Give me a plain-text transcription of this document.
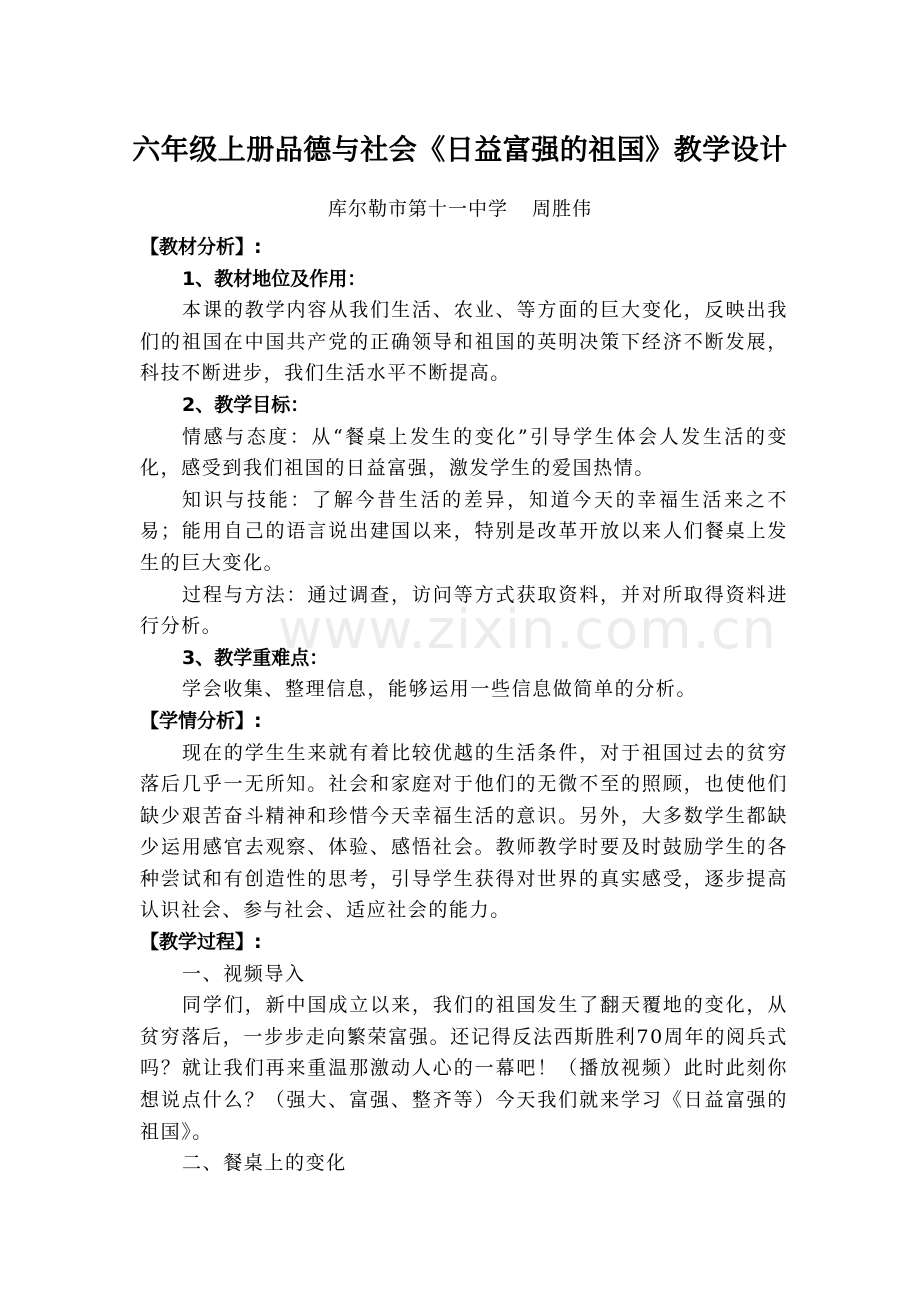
六年级上册品德与社会《日益富强的祖国》教学设计
库尔勒市第十一中学 周胜伟

【教材分析】:

1、教材地位及作用：

本课的教学内容从我们生活、农业、等方面的巨大变化，反映出我们的祖国在中国共产党的正确领导和祖国的英明决策下经济不断发展，科技不断进步，我们生活水平不断提高。

2、教学目标：

情感与态度：从“餐桌上发生的变化”引导学生体会人发生活的变化，感受到我们祖国的日益富强，激发学生的爱国热情。

知识与技能：了解今昔生活的差异，知道今天的幸福生活来之不易；能用自己的语言说出建国以来，特别是改革开放以来人们餐桌上发生的巨大变化。

过程与方法：通过调查，访问等方式获取资料，并对所取得资料进行分析。

3、教学重难点：

学会收集、整理信息，能够运用一些信息做简单的分析。

【学情分析】:

现在的学生生来就有着比较优越的生活条件，对于祖国过去的贫穷落后几乎一无所知。社会和家庭对于他们的无微不至的照顾，也使他们缺少艰苦奋斗精神和珍惜今天幸福生活的意识。另外，大多数学生都缺少运用感官去观察、体验、感悟社会。教师教学时要及时鼓励学生的各种尝试和有创造性的思考，引导学生获得对世界的真实感受，逐步提高认识社会、参与社会、适应社会的能力。

【教学过程】:

一、视频导入

同学们，新中国成立以来，我们的祖国发生了翻天覆地的变化，从贫穷落后，一步步走向繁荣富强。还记得反法西斯胜利70周年的阅兵式吗？就让我们再来重温那激动人心的一幕吧！（播放视频）此时此刻你想说点什么？（强大、富强、整齐等）今天我们就来学习《日益富强的祖国》。

二、餐桌上的变化

www.zixin.com.cn
